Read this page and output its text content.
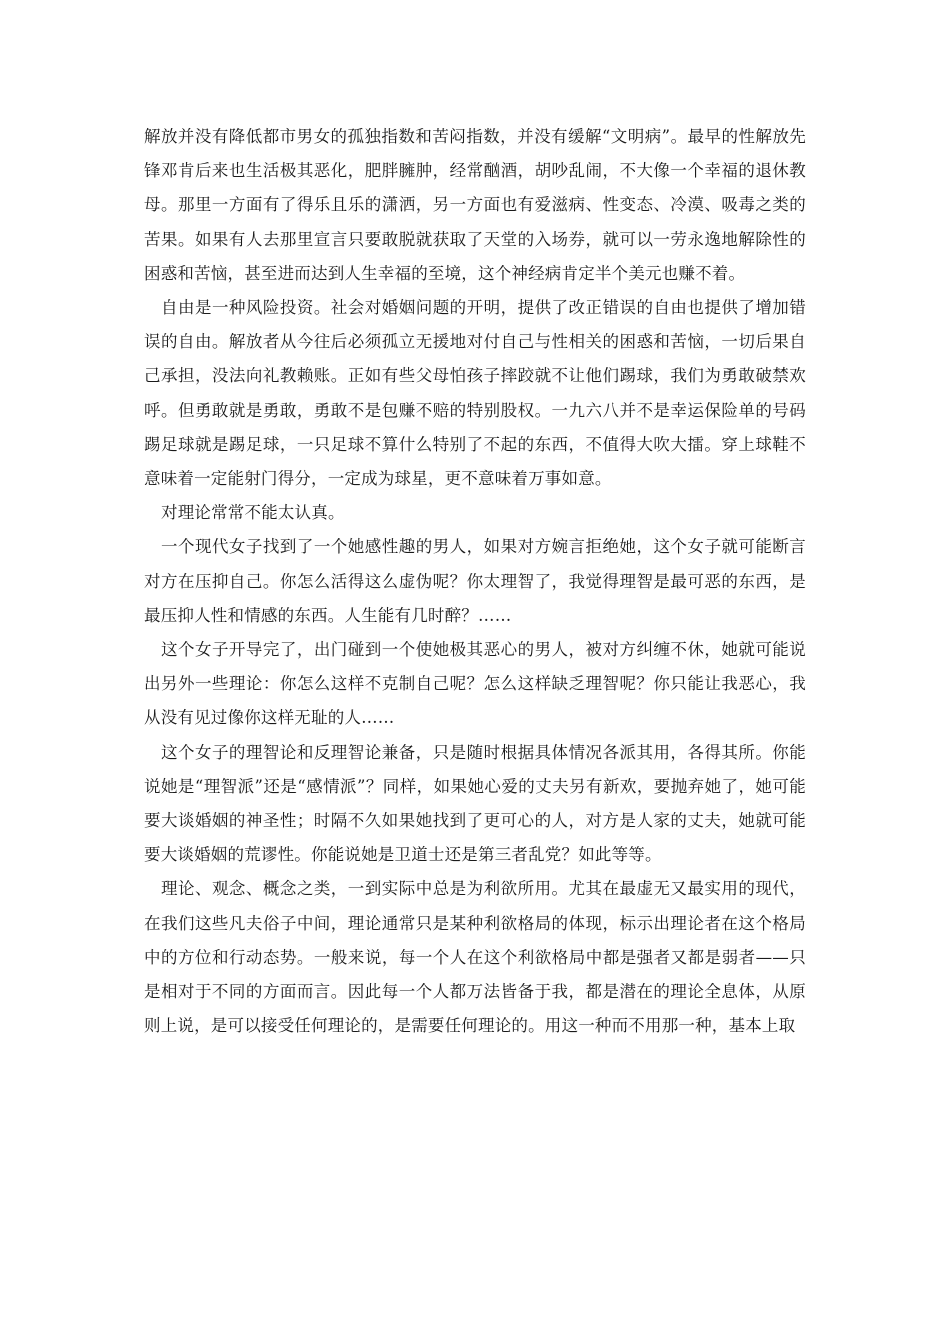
解放并没有降低都市男女的孤独指数和苦闷指数，并没有缓解“文明病”。最早的性解放先锋邓肯后来也生活极其恶化，肥胖臃肿，经常酗酒，胡吵乱闹，不大像一个幸福的退休教母。那里一方面有了得乐且乐的潇洒，另一方面也有爱滋病、性变态、冷漠、吸毒之类的苦果。如果有人去那里宣言只要敢脱就获取了天堂的入场券，就可以一劳永逸地解除性的困惑和苦恼，甚至进而达到人生幸福的至境，这个神经病肯定半个美元也赚不着。

自由是一种风险投资。社会对婚姻问题的开明，提供了改正错误的自由也提供了增加错误的自由。解放者从今往后必须孤立无援地对付自己与性相关的困惑和苦恼，一切后果自己承担，没法向礼教赖账。正如有些父母怕孩子摔跤就不让他们踢球，我们为勇敢破禁欢呼。但勇敢就是勇敢，勇敢不是包赚不赔的特别股权。一九六八并不是幸运保险单的号码踢足球就是踢足球，一只足球不算什么特别了不起的东西，不值得大吹大擂。穿上球鞋不意味着一定能射门得分，一定成为球星，更不意味着万事如意。

对理论常常不能太认真。

一个现代女子找到了一个她感性趣的男人，如果对方婉言拒绝她，这个女子就可能断言对方在压抑自己。你怎么活得这么虚伪呢？你太理智了，我觉得理智是最可恶的东西，是最压抑人性和情感的东西。人生能有几时醉？……

这个女子开导完了，出门碰到一个使她极其恶心的男人，被对方纠缠不休，她就可能说出另外一些理论：你怎么这样不克制自己呢？怎么这样缺乏理智呢？你只能让我恶心，我从没有见过像你这样无耻的人……

这个女子的理智论和反理智论兼备，只是随时根据具体情况各派其用，各得其所。你能说她是“理智派”还是“感情派”？同样，如果她心爱的丈夫另有新欢，要抛弃她了，她可能要大谈婚姻的神圣性；时隔不久如果她找到了更可心的人，对方是人家的丈夫，她就可能要大谈婚姻的荒谬性。你能说她是卫道士还是第三者乱党？如此等等。

理论、观念、概念之类，一到实际中总是为利欲所用。尤其在最虚无又最实用的现代，在我们这些凡夫俗子中间，理论通常只是某种利欲格局的体现，标示出理论者在这个格局中的方位和行动态势。一般来说，每一个人在这个利欲格局中都是强者又都是弱者——只是相对于不同的方面而言。因此每一个人都万法皆备于我，都是潜在的理论全息体，从原则上说，是可以接受任何理论的，是需要任何理论的。用这一种而不用那一种，基本上取
